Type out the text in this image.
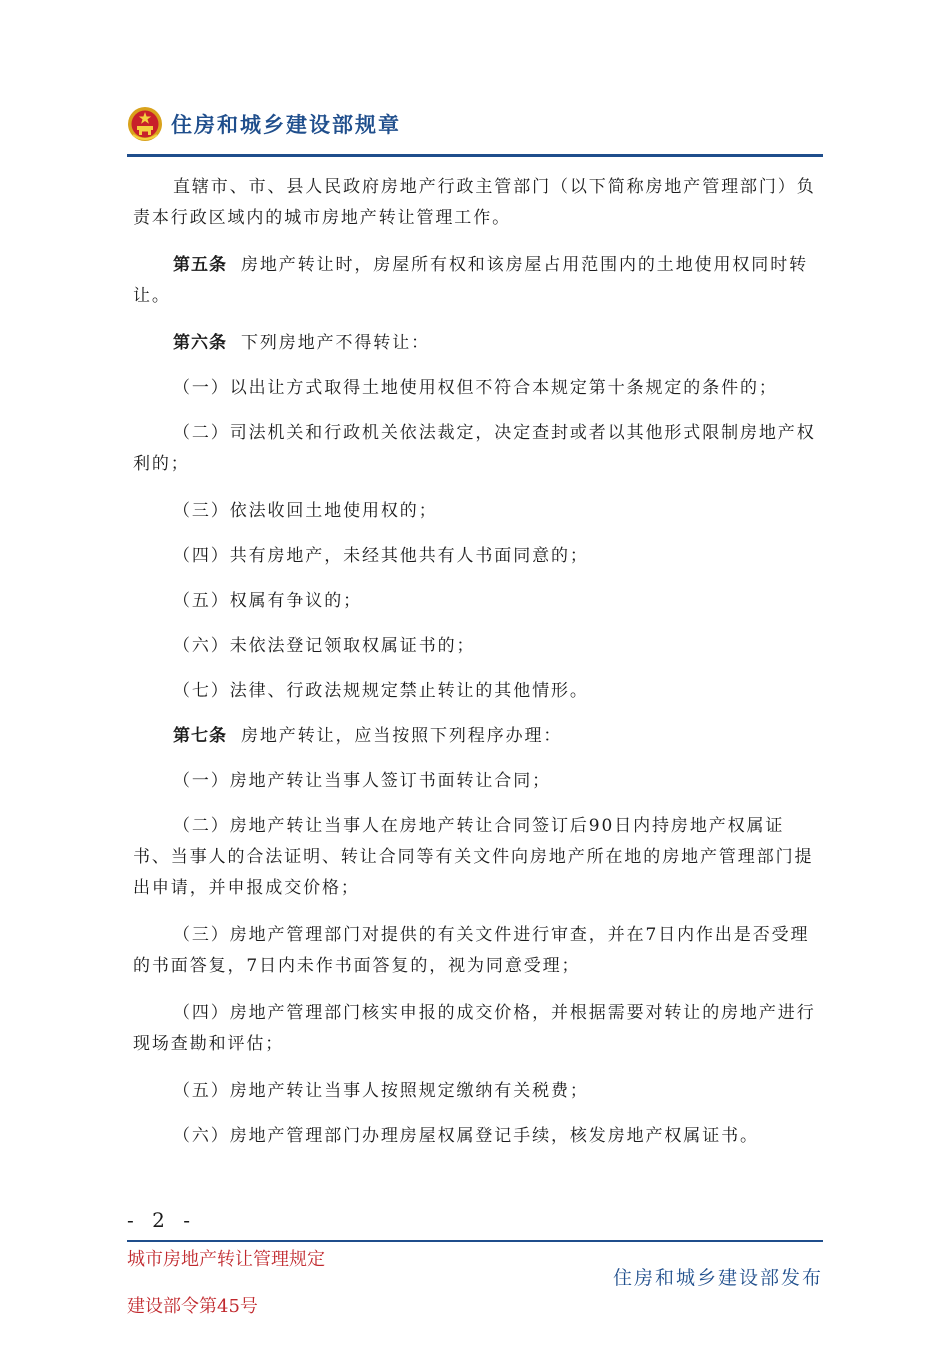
住房和城乡建设部规章

直辖市、市、县人民政府房地产行政主管部门（以下简称房地产管理部门）负责本行政区域内的城市房地产转让管理工作。

第五条 房地产转让时，房屋所有权和该房屋占用范围内的土地使用权同时转让。

第六条 下列房地产不得转让：

（一）以出让方式取得土地使用权但不符合本规定第十条规定的条件的；

（二）司法机关和行政机关依法裁定，决定查封或者以其他形式限制房地产权利的；

（三）依法收回土地使用权的；

（四）共有房地产，未经其他共有人书面同意的；

（五）权属有争议的；

（六）未依法登记领取权属证书的；

（七）法律、行政法规规定禁止转让的其他情形。

第七条 房地产转让，应当按照下列程序办理：

（一）房地产转让当事人签订书面转让合同；

（二）房地产转让当事人在房地产转让合同签订后90日内持房地产权属证书、当事人的合法证明、转让合同等有关文件向房地产所在地的房地产管理部门提出申请，并申报成交价格；

（三）房地产管理部门对提供的有关文件进行审查，并在7日内作出是否受理的书面答复，7日内未作书面答复的，视为同意受理；

（四）房地产管理部门核实申报的成交价格，并根据需要对转让的房地产进行现场查勘和评估；

（五）房地产转让当事人按照规定缴纳有关税费；

（六）房地产管理部门办理房屋权属登记手续，核发房地产权属证书。

- 2 -
城市房地产转让管理规定
建设部令第45号
住房和城乡建设部发布
